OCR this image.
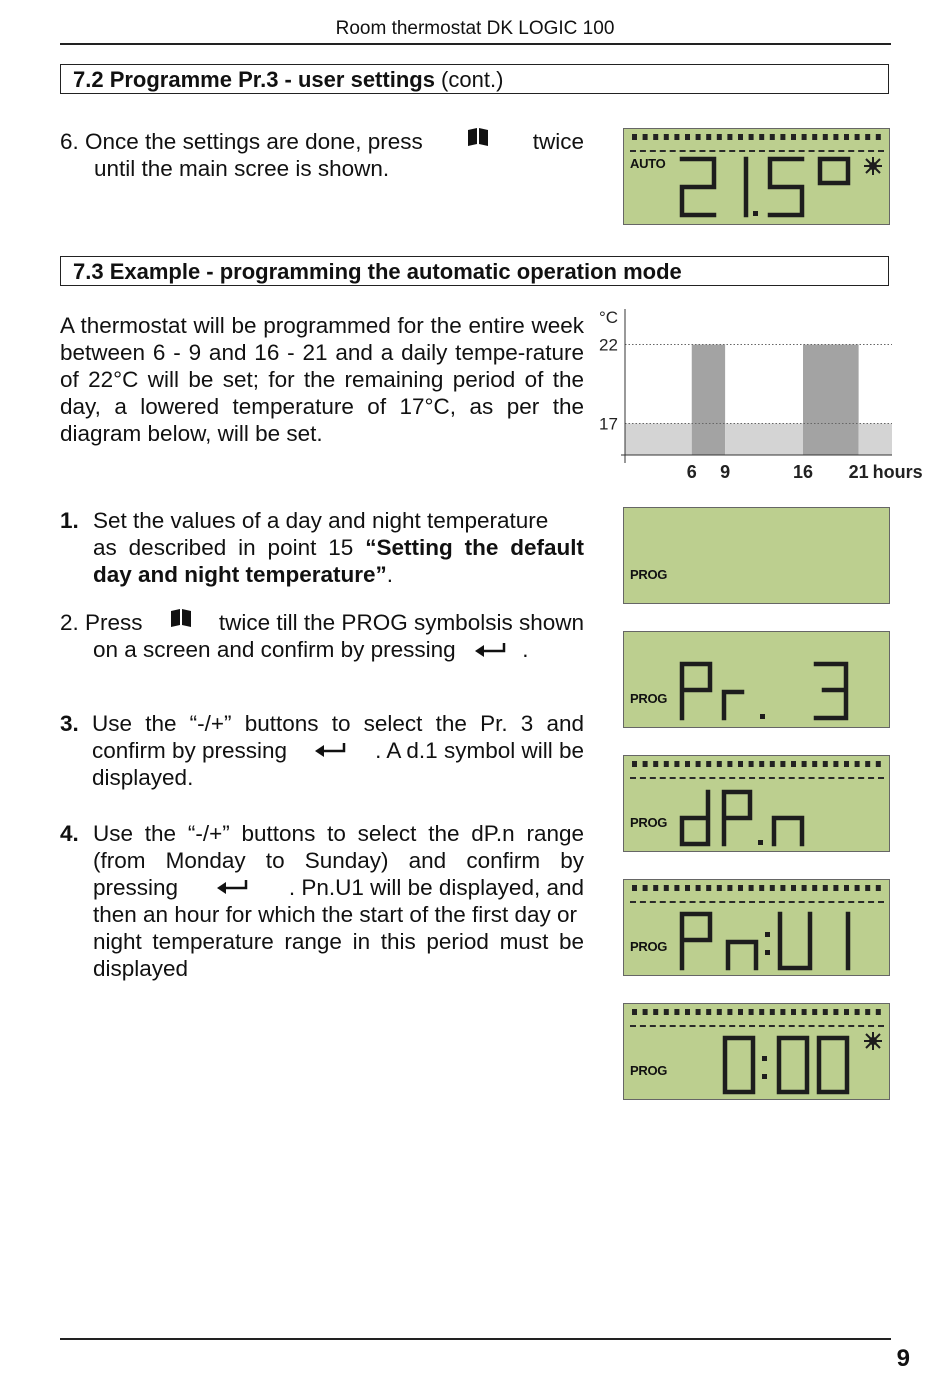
Room thermostat DK LOGIC 100
7.2 Programme Pr.3 - user settings (cont.)
6. Once the settings are done, press	twice
until the main scree is shown.	AUTO
7.3 Example - programming the automatic operation mode
A thermostat will be programmed for the entire week between 6 - 9 and 16 - 21 and a daily tempe-rature of 22°C will be set; for the remaining period of the day, a lowered temperature of 17°C, as per the diagram below, will be set.
°C
22
17
6 9	16 21 hours
1. Set the values of a day and night temperature
as described in point 15 “Setting the default day and night temperature”.	PROG
2. Press	twice till the PROG symbolsis shown
on a screen and confirm by pressing	.
PROG
3. Use the “-/+” buttons to select the Pr. 3 and
confirm by pressing	. A d.1 symbol will be
displayed.
PROG
4. Use the “-/+” buttons to select the dP.n range
(from Monday to Sunday) and confirm by
pressing	. Pn.U1 will be displayed, and
then an hour for which the start of the first day or
night temperature range in this period must be
displayed
PROG
PROG
9
